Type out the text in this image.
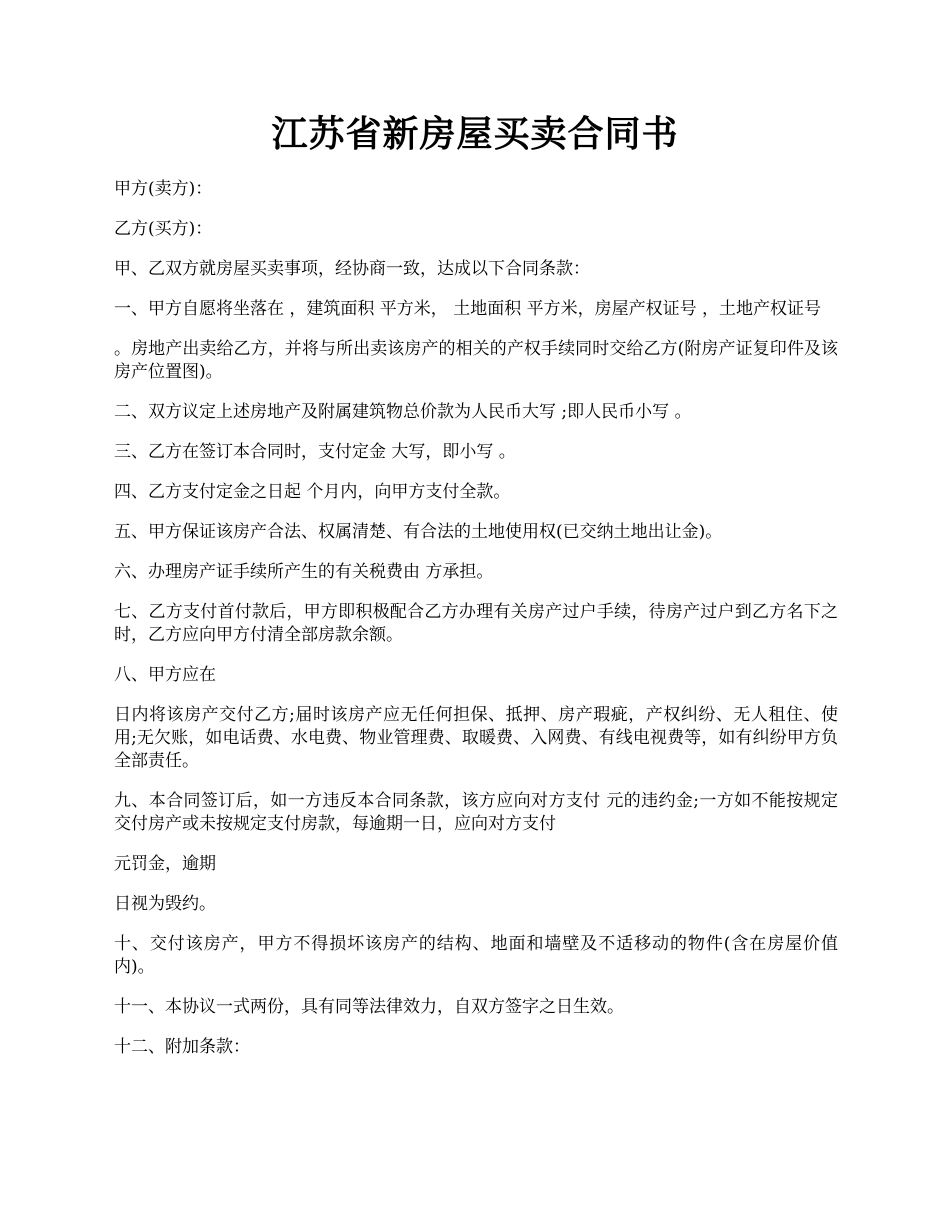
江苏省新房屋买卖合同书

甲方(卖方)：

乙方(买方)：

甲、乙双方就房屋买卖事项，经协商一致，达成以下合同条款：

一、甲方自愿将坐落在 ，建筑面积 平方米， 土地面积 平方米，房屋产权证号 ，土地产权证号

。房地产出卖给乙方，并将与所出卖该房产的相关的产权手续同时交给乙方(附房产证复印件及该房产位置图)。

二、双方议定上述房地产及附属建筑物总价款为人民币大写 ;即人民币小写 。

三、乙方在签订本合同时，支付定金 大写，即小写 。

四、乙方支付定金之日起 个月内，向甲方支付全款。

五、甲方保证该房产合法、权属清楚、有合法的土地使用权(已交纳土地出让金)。

六、办理房产证手续所产生的有关税费由 方承担。

七、乙方支付首付款后，甲方即积极配合乙方办理有关房产过户手续，待房产过户到乙方名下之时，乙方应向甲方付清全部房款余额。

八、甲方应在

日内将该房产交付乙方;届时该房产应无任何担保、抵押、房产瑕疵，产权纠纷、无人租住、使用;无欠账，如电话费、水电费、物业管理费、取暖费、入网费、有线电视费等，如有纠纷甲方负全部责任。

九、本合同签订后，如一方违反本合同条款，该方应向对方支付 元的违约金;一方如不能按规定交付房产或未按规定支付房款，每逾期一日，应向对方支付

元罚金，逾期

日视为毁约。

十、交付该房产，甲方不得损坏该房产的结构、地面和墙壁及不适移动的物件(含在房屋价值内)。

十一、本协议一式两份，具有同等法律效力，自双方签字之日生效。

十二、附加条款：
